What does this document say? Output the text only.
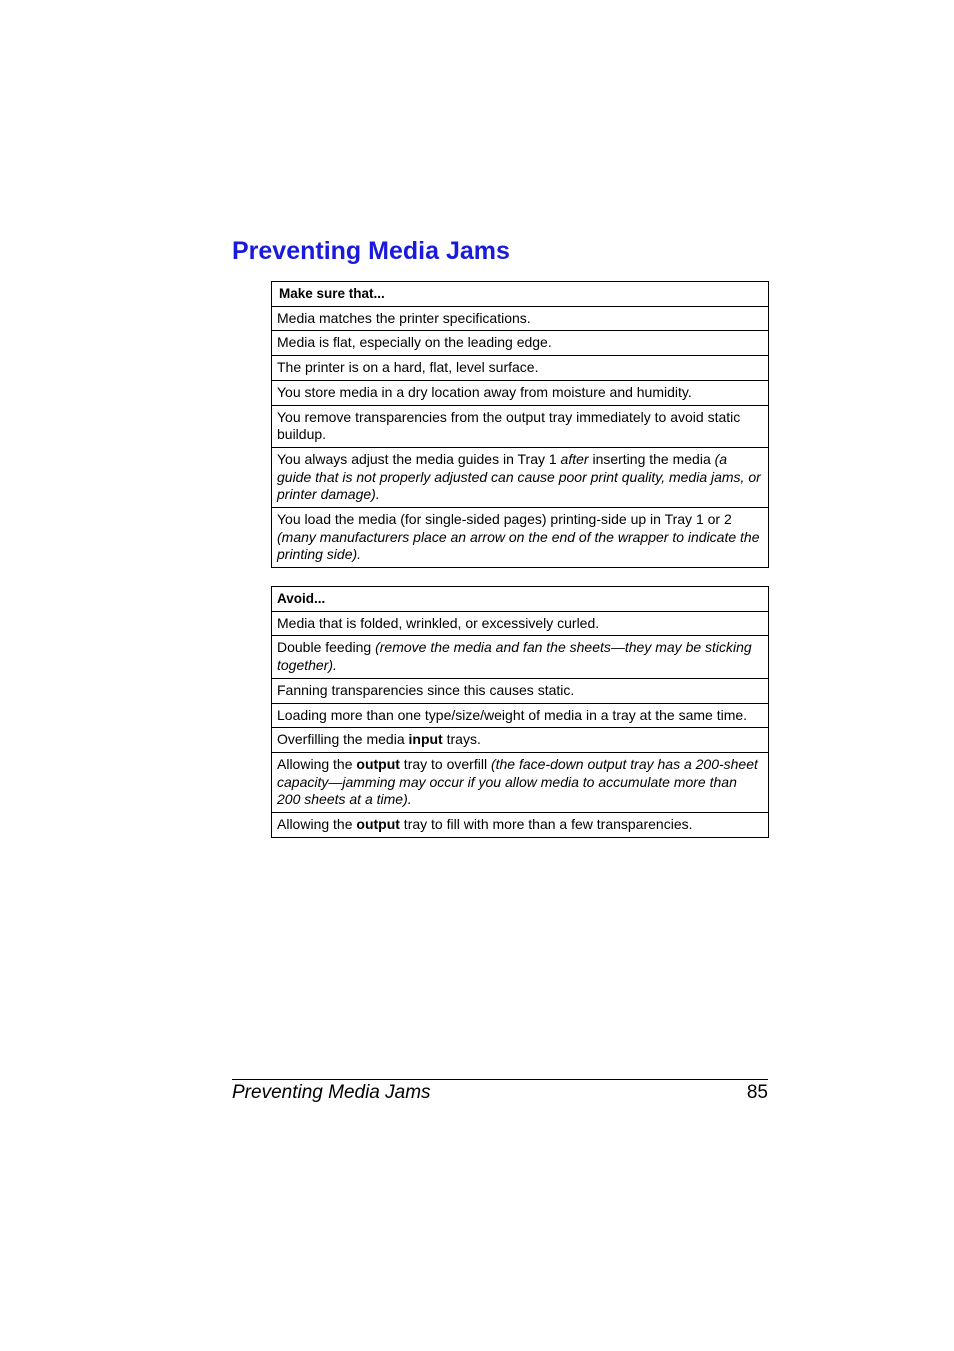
Preventing Media Jams
Make sure that...
Media matches the printer specifications.
Media is flat, especially on the leading edge.
The printer is on a hard, flat, level surface.
You store media in a dry location away from moisture and humidity.
You remove transparencies from the output tray immediately to avoid static buildup.
You always adjust the media guides in Tray 1 after inserting the media (a guide that is not properly adjusted can cause poor print quality, media jams, or printer damage).
You load the media (for single-sided pages) printing-side up in Tray 1 or 2 (many manufacturers place an arrow on the end of the wrapper to indicate the printing side).
Avoid...
Media that is folded, wrinkled, or excessively curled.
Double feeding (remove the media and fan the sheets—they may be sticking together).
Fanning transparencies since this causes static.
Loading more than one type/size/weight of media in a tray at the same time.
Overfilling the media input trays.
Allowing the output tray to overfill (the face-down output tray has a 200-sheet capacity—jamming may occur if you allow media to accumulate more than 200 sheets at a time).
Allowing the output tray to fill with more than a few transparencies.
Preventing Media Jams	85
